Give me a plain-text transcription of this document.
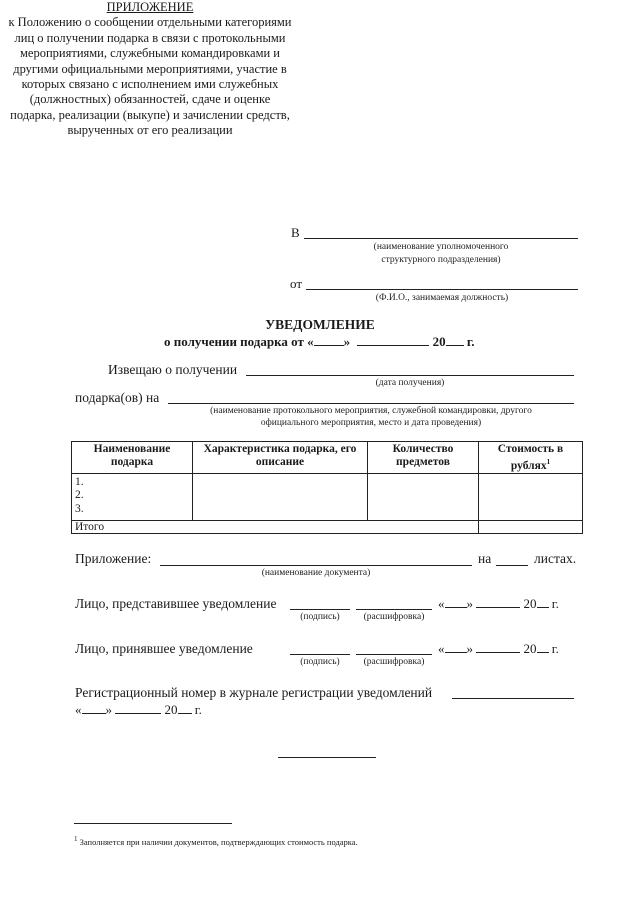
ПРИЛОЖЕНИЕ
к Положению о сообщении отдельными категориями
лиц о получении подарка в связи с протокольными
мероприятиями, служебными командировками и
другими официальными мероприятиями, участие в
которых связано с исполнением ими служебных
(должностных) обязанностей, сдаче и оценке
подарка, реализации (выкупе) и зачислении средств,
вырученных от его реализации
В
(наименование уполномоченного
структурного подразделения)
от
(Ф.И.О., занимаемая должность)
УВЕДОМЛЕНИЕ
о получении подарка от « »	20 г.
Извещаю о получении
(дата получения)
подарка(ов) на
(наименование протокольного мероприятия, служебной командировки, другого
официального мероприятия, место и дата проведения)
Наименование подарка	Характеристика подарка, его описание	Количество предметов	Стоимость в рублях$^1$

1.
2.
3.			

Итого			
Приложение:
(наименование документа)
на	листах.
Лицо, представившее уведомление
(подпись)	(расшифровка)
« »	20 г.
Лицо, принявшее уведомление
(подпись)	(расшифровка)
« »	20 г.
Регистрационный номер в журнале регистрации уведомлений
« »	20 г.
$^1$ Заполняется при наличии документов, подтверждающих стоимость подарка.
